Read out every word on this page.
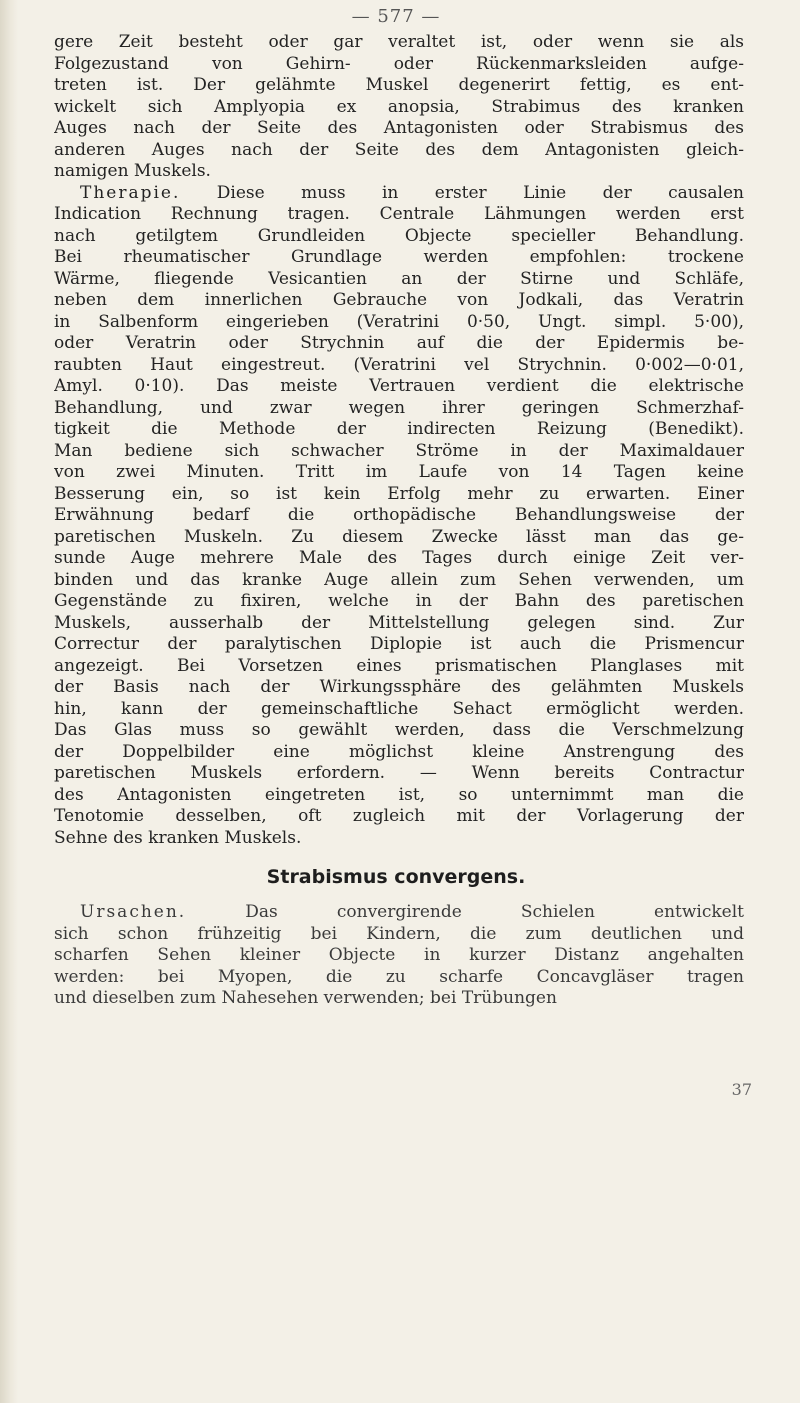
— 577 —
gere Zeit besteht oder gar veraltet ist, oder wenn sie als
Folgezustand von Gehirn- oder Rückenmarksleiden aufge-
treten ist. Der gelähmte Muskel degenerirt fettig, es ent-
wickelt sich Amplyopia ex anopsia, Strabimus des kranken
Auges nach der Seite des Antagonisten oder Strabismus des
anderen Auges nach der Seite des dem Antagonisten gleich-
namigen Muskels.
Therapie. Diese muss in erster Linie der causalen
Indication Rechnung tragen. Centrale Lähmungen werden erst
nach getilgtem Grundleiden Objecte specieller Behandlung.
Bei rheumatischer Grundlage werden empfohlen: trockene
Wärme, fliegende Vesicantien an der Stirne und Schläfe,
neben dem innerlichen Gebrauche von Jodkali, das Veratrin
in Salbenform eingerieben (Veratrini 0·50, Ungt. simpl. 5·00),
oder Veratrin oder Strychnin auf die der Epidermis be-
raubten Haut eingestreut. (Veratrini vel Strychnin. 0·002—0·01,
Amyl. 0·10). Das meiste Vertrauen verdient die elektrische
Behandlung, und zwar wegen ihrer geringen Schmerzhaf-
tigkeit die Methode der indirecten Reizung (Benedikt).
Man bediene sich schwacher Ströme in der Maximaldauer
von zwei Minuten. Tritt im Laufe von 14 Tagen keine
Besserung ein, so ist kein Erfolg mehr zu erwarten. Einer
Erwähnung bedarf die orthopädische Behandlungsweise der
paretischen Muskeln. Zu diesem Zwecke lässt man das ge-
sunde Auge mehrere Male des Tages durch einige Zeit ver-
binden und das kranke Auge allein zum Sehen verwenden, um
Gegenstände zu fixiren, welche in der Bahn des paretischen
Muskels, ausserhalb der Mittelstellung gelegen sind. Zur
Correctur der paralytischen Diplopie ist auch die Prismencur
angezeigt. Bei Vorsetzen eines prismatischen Planglases mit
der Basis nach der Wirkungssphäre des gelähmten Muskels
hin, kann der gemeinschaftliche Sehact ermöglicht werden.
Das Glas muss so gewählt werden, dass die Verschmelzung
der Doppelbilder eine möglichst kleine Anstrengung des
paretischen Muskels erfordern. — Wenn bereits Contractur
des Antagonisten eingetreten ist, so unternimmt man die
Tenotomie desselben, oft zugleich mit der Vorlagerung der
Sehne des kranken Muskels.
Strabismus convergens.
Ursachen. Das convergirende Schielen entwickelt
sich schon frühzeitig bei Kindern, die zum deutlichen und
scharfen Sehen kleiner Objecte in kurzer Distanz angehalten
werden: bei Myopen, die zu scharfe Concavgläser tragen
und dieselben zum Nahesehen verwenden; bei Trübungen
37
